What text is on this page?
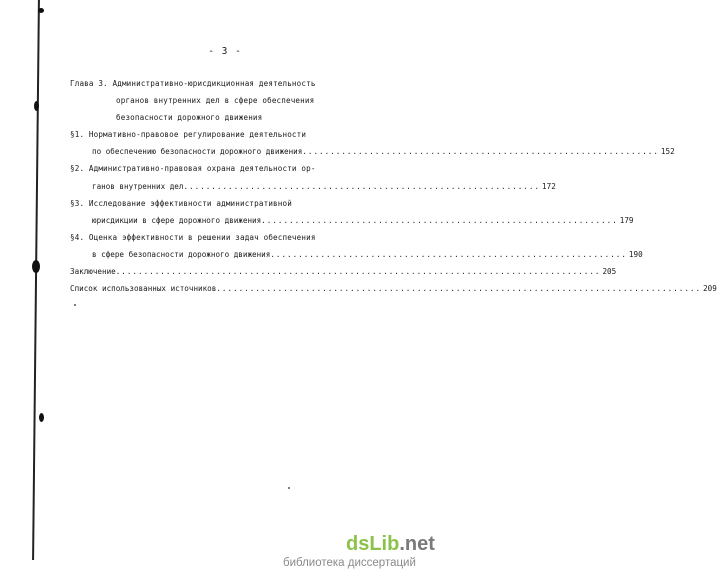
- 3 -
Глава 3. Административно-юрисдикционная деятельность
органов внутренних дел в сфере обеспечения
безопасности дорожного движения
§1. Нормативно-правовое регулирование деятельности
по обеспечению безопасности дорожного движения ................................................................ 152
§2. Административно-правовая охрана деятельности ор-
ганов внутренних дел ................................................................ 172
§3. Исследование эффективности административной
юрисдикции в сфере дорожного движения ................................................................ 179
§4. Оценка эффективности в решении задач обеспечения
в сфере безопасности дорожного движения ................................................................ 190
Заключение ....................................................................................... 205
Список использованных источников ....................................................................................... 209
dsLib.net
библиотека диссертаций
